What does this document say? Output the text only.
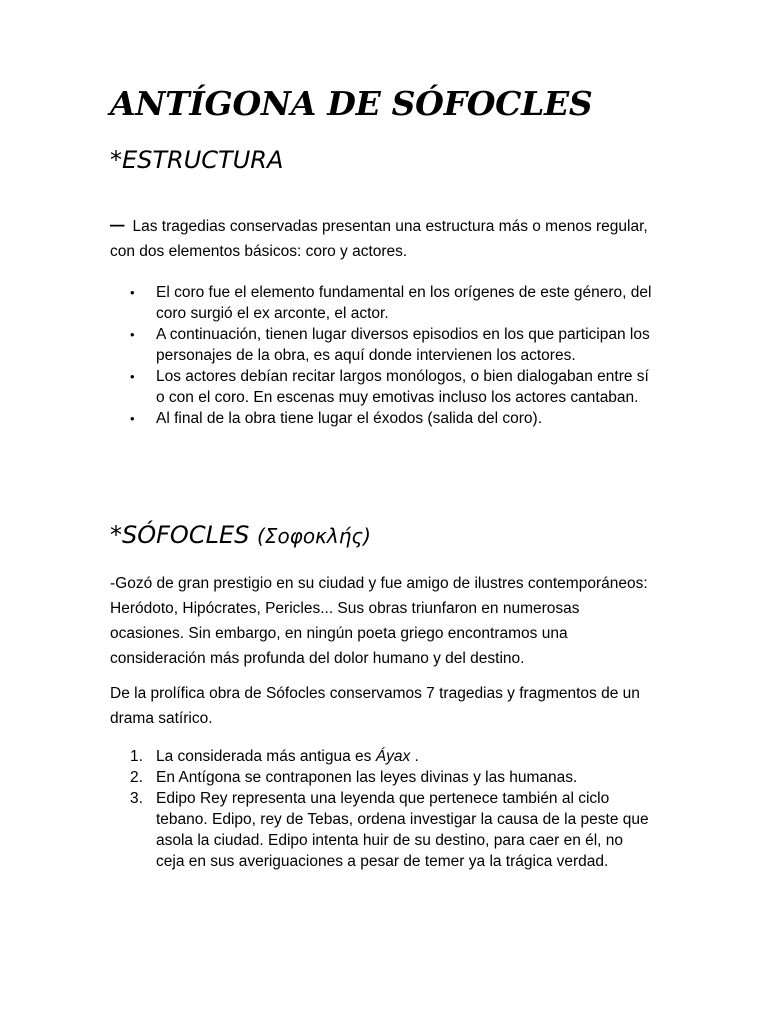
ANTÍGONA DE SÓFOCLES
*ESTRUCTURA
– Las tragedias conservadas presentan una estructura más o menos regular, con dos elementos básicos: coro y actores.
• El coro fue el elemento fundamental en los orígenes de este género, del coro surgió el ex arconte, el actor.
• A continuación, tienen lugar diversos episodios en los que participan los personajes de la obra, es aquí donde intervienen los actores.
• Los actores debían recitar largos monólogos, o bien dialogaban entre sí o con el coro. En escenas muy emotivas incluso los actores cantaban.
• Al final de la obra tiene lugar el éxodos (salida del coro).
*SÓFOCLES (Σοφοκλής)
-Gozó de gran prestigio en su ciudad y fue amigo de ilustres contemporáneos: Heródoto, Hipócrates, Pericles... Sus obras triunfaron en numerosas ocasiones. Sin embargo, en ningún poeta griego encontramos una consideración más profunda del dolor humano y del destino.
De la prolífica obra de Sófocles conservamos 7 tragedias y fragmentos de un drama satírico.
1. La considerada más antigua es Áyax .
2. En Antígona se contraponen las leyes divinas y las humanas.
3. Edipo Rey representa una leyenda que pertenece también al ciclo tebano. Edipo, rey de Tebas, ordena investigar la causa de la peste que asola la ciudad. Edipo intenta huir de su destino, para caer en él, no ceja en sus averiguaciones a pesar de temer ya la trágica verdad.
